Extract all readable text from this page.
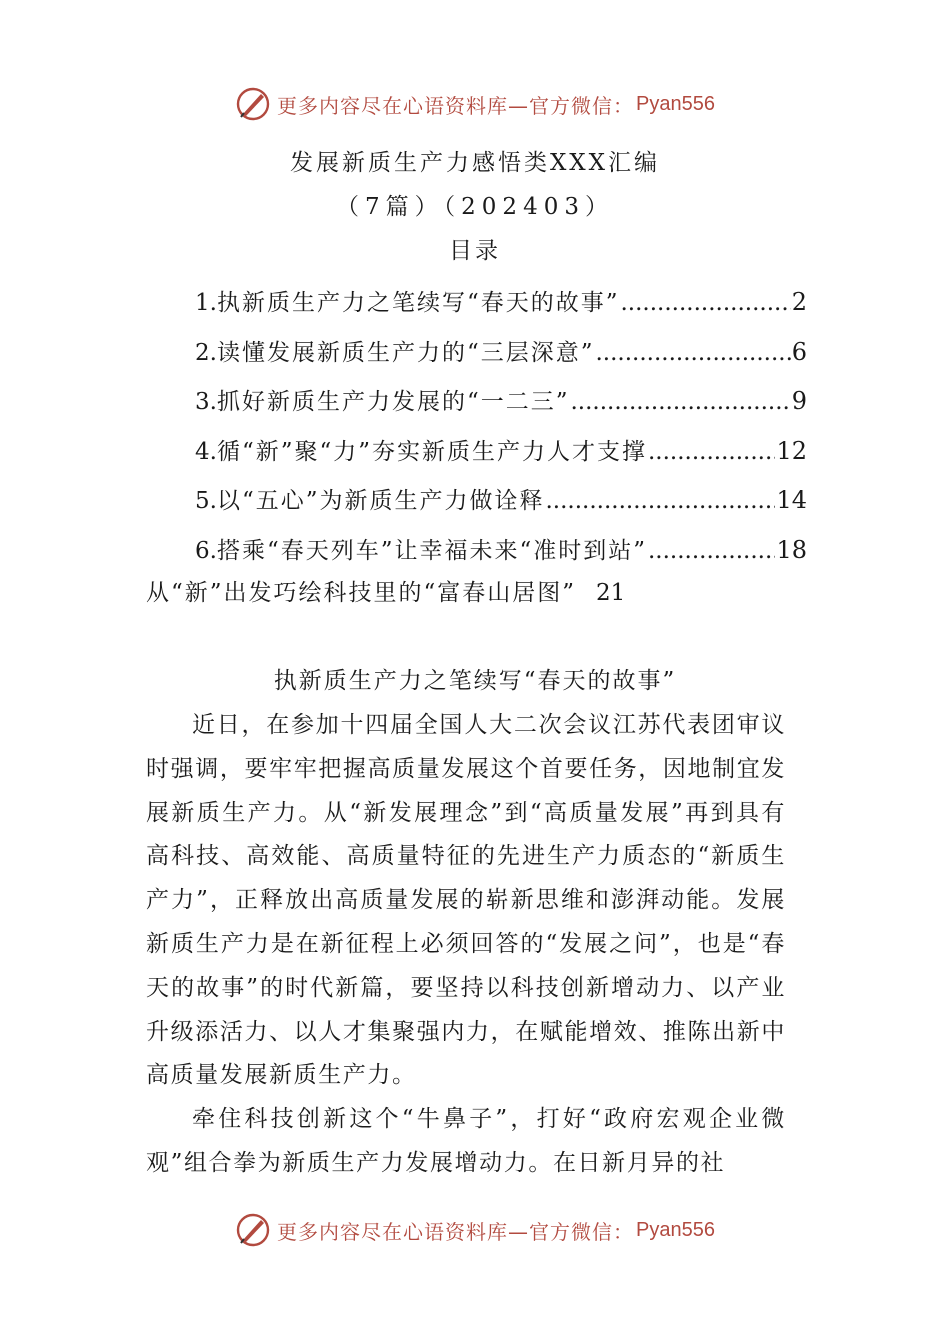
更多内容尽在心语资料库—官方微信： Pyan556
发展新质生产力感悟类XXX汇编
（7篇）（202403）
目录
1. 执新质生产力之笔续写“春天的故事” .....	2
2. 读懂发展新质生产力的“三层深意” .....	6
3. 抓好新质生产力发展的“一二三” .....	9
4. 循“新”聚“力”夯实新质生产力人才支撑 .....	12
5. 以“五心”为新质生产力做诠释 .....	14
6. 搭乘“春天列车”让幸福未来“准时到站” .....	18
从“新”出发巧绘科技里的“富春山居图” 21
执新质生产力之笔续写“春天的故事”

近日，在参加十四届全国人大二次会议江苏代表团审议时强调，要牢牢把握高质量发展这个首要任务，因地制宜发展新质生产力。从“新发展理念”到“高质量发展”再到具有高科技、高效能、高质量特征的先进生产力质态的“新质生产力”，正释放出高质量发展的崭新思维和澎湃动能。发展新质生产力是在新征程上必须回答的“发展之问”，也是“春天的故事”的时代新篇，要坚持以科技创新增动力、以产业升级添活力、以人才集聚强内力，在赋能增效、推陈出新中高质量发展新质生产力。

牵住科技创新这个“牛鼻子”，打好“政府宏观企业微观”组合拳为新质生产力发展增动力。在日新月异的社

更多内容尽在心语资料库—官方微信： Pyan556
